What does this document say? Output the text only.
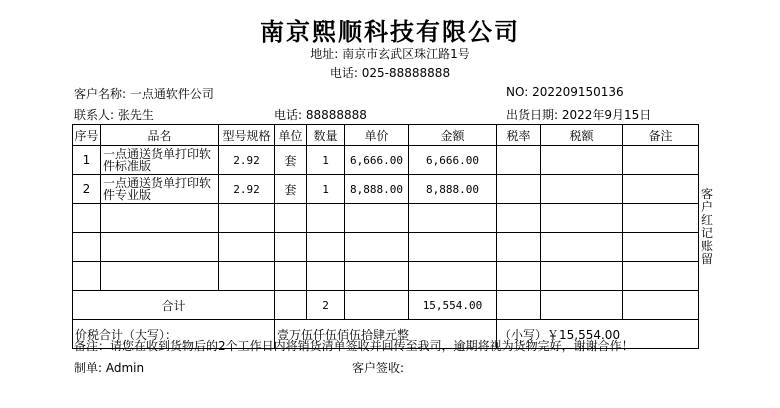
南京熙顺科技有限公司
地址: 南京市玄武区珠江路1号
电话: 025-88888888
客户名称: 一点通软件公司	NO: 202209150136
联系人: 张先生	电话: 88888888	出货日期: 2022年9月15日
序号	品名	型号规格	单位	数量	单价	金额	税率	税额	备注
1	一点通送货单打印软件标准版	2.92	套	1	6,666.00	6,666.00			
2	一点通送货单打印软件专业版	2.92	套	1	8,888.00	8,888.00			

合计				2		15,554.00			
价税合计（大写）：			壹万伍仟伍佰伍拾肆元整				（小写）￥15,554.00		
客户红记账留
备注：请您在收到货物后的2个工作日内将销货清单签收并回传至我司，逾期将视为货物完好，谢谢合作！
制单: Admin	客户签收:
